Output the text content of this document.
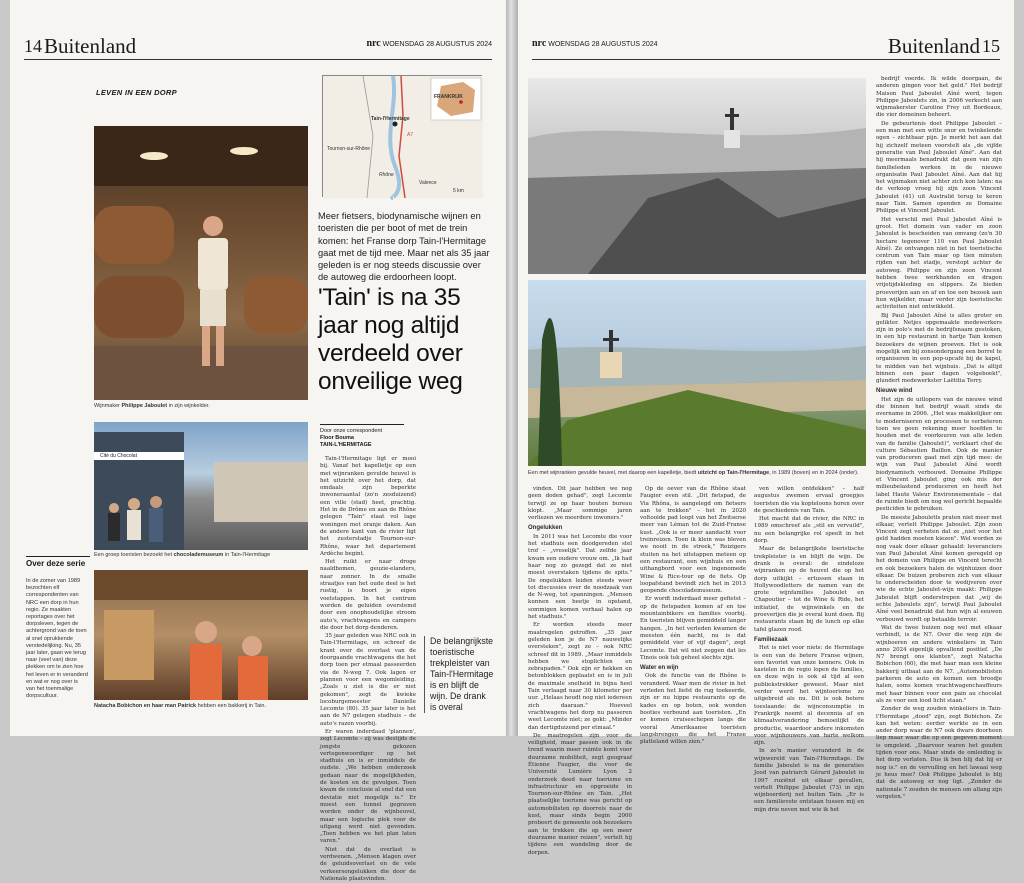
14 Buitenland	nrc WOENSDAG 28 AUGUSTUS 2024
LEVEN IN EEN DORP
Wijnmaker Philippe Jaboulet in zijn wijnkelder.
FRANKRIJK
Tain-l'Hermitage
Rhône
Tournon-sur-Rhône
Valence
A7
5 km
Meer fietsers, biodynamische wijnen en toeristen die per boot of met de trein komen: het Franse dorp Tain-l'Hermitage gaat met de tijd mee. Maar net als 35 jaar geleden is er nog steeds discussie over de autoweg die erdoorheen loopt.
'Tain' is na 35 jaar nog altijd verdeeld over onveilige weg
Cité du Chocolat
Een groep toeristen bezoekt het chocolademuseum in Tain-l'Hermitage
Natacha Bobichon en haar man Patrick hebben een bakkerij in Tain.
Over deze serie
In de zomer van 1989 bezochten elf correspondenten van NRC een dorp in hun regio. Ze maakten reportages over het dorpsleven, tegen de achtergrond van de toen al snel oprukkende verstedelijking. Nu, 35 jaar later, gaan we terug naar (veel van) deze plekken om te zien hoe het leven er in veranderd en wat er nog over is van het toenmalige dorpscultuur.
Door onze correspondent
Floor Bouma
TAIN-L'HERMITAGE

Tain-l'Hermitage ligt er mooi bij. Vanaf het kapelletje op een met wijnranken gevulde heuvel is het uitzicht over het dorp, dat omdaals zijn beperkte inwoneraantal (zo'n zesduizend) een ville (stad) heet, prachtig. Het in de Drôme en aan de Rhône gelegen "Tain" staat vol lage woningen met oranje daken. Aan de andere kant van de rivier ligt het zusterstadje Tournon-sur-Rhône, waar het departement Ardèche begint.

Het ruikt er naar droge naaldbomen, geuzie-elanders, naar zonner. In de smalle straatjes van het oude deel is het rustig, is boort je eigen voetstappen. In het centrum worden de geluiden overstemd door een onophoudelijke stroom auto's, vrachtwagens en campers die door het dorp denderen.

35 jaar geleden was NRC ook in Tain-l'Hermitage, en schreef de krant over de overlast van de doorgaande vrachtwagens die het dorp toen per etmaal passeerden via de N-weg 7. Ook lagen er plannen voor een wegomleiding. „Zoals u ziet is die er niet gekomen", zegt de kwieke locoburgemeester Danielle Lecomte (80). 35 jaar later is het aan de N7 gelegen stadhuis – de auto's razen voorbij.

Er waren inderdaad 'plannen', zegt Lecomte – zij was destijds de jongste gekozen vertegenwoordiger op het stadhuis en is er inmiddels de oudste. „We hebben onderzoek gedaan naar de mogelijkheden, de kosten en de gevolgen. Toen kwam de conclusie al snel dat een deviatie niet mogelijk is." Er moest een tunnel gegraven worden onder de wijnheuvel, maar een logische plek voor de uitgang werd niet gevonden. „Toen hebben we het plan laten varen."

Niet dat de overlast is verdwenen. „Mensen klagen over de geluidsoverlast en de vele verkeersongelukken die door de Nationale plaatsvinden.

De belangrijkste toeristische trekpleister van Tain-l'Hermitage is en blijft de wijn. De drank is overal
nrc WOENSDAG 28 AUGUSTUS 2024	Buitenland 15
Een met wijnranken gevulde heuvel, met daarop een kapelletje, biedt uitzicht op Tain-l'Hermitage, in 1989 (boven) en in 2024 (onder).

vinden. Dit jaar hebben we nog geen doden gehad", zegt Lecomte terwijl ze op haar houten bureau klopt. „Maar sommige jaren verliezen we meerdere inwoners."

Ongelukken

In 2011 was het Lecomte die voor het stadhuis een doodgereden stel trof – „vreselijk". Dat zelfde jaar kwam een oudere vrouw om. „Ik had haar nog zo gezegd dat ze niet moest overstaken tijdens de spits." De ongelukken leiden steeds weer tot discussies over de noodzaak van de N-weg, tot spanningen. „Mensen kunnen een beetje in opstand, sommigen komen verhaal halen op het stadhuis."

Er worden steeds meer maatregelen getroffen. „35 jaar geleden kon je de N7 nauwelijks oversteken", zegt ze – ook NRC schreef dit in 1989. „Maar inmiddels hebben we stoplichten en zebrapaden." Ook zijn er hekken en betonblokken geplaatst en is in juli de maximale snelheid in bijna heel Tain verlaagd naar 30 kilometer per uur. „Helaas houdt nog niet iedereen zich daaraan." Hoeveel vrachtwagens het dorp nu passeren weet Lecomte niet; ze gokt: „Minder dan dertigduizend per etmaal."

De maatregelen zijn voor de veiligheid, maar passen ook in de trend waarin meer ruimte komt voor duurzame mobiliteit, zegt geograaf Étienne Faugier, die voor de Université Lumière Lyon 2 onderzoek deed naar toerisme en infrastructuur en opgroeide in Tournon-sur-Rhône en Tain. „Het plaatselijke toerisme was gericht op automobilisten op doorreis naar de kust, maar sinds begin 2000 probeert de gemeente ook bezoekers aan te trekken die op een meer duurzame manier reizen", vertelt hij tijdens een wandeling door de dorpen.

Op de oever van de Rhône staat Faugier even stil. „Dit fietspad, de Via Rhôna, is aangelegd om fietsers aan te trekken" – het in 2020 voltooide pad loopt van het Zwitserse meer van Léman tot de Zuid-Franse kust. „Ook is er meer aandacht voor treinreizen. Toen ik klein was bleven we nooit in de streek," Reizigers stuiten na het uitstappen meteen op een restaurant, een wijnhuis en een uithangbord voor een ingenomede Wine & Rice-tour op de fiets. Op loopafstand bevindt zich het in 2013 geopende chocolademuseum.

Er wordt inderdaad meer gefietst – op de fietspaden komen af en toe mountainbikers en families voorbij. En toeristen blijven gemiddeld langer hangen. „In het verleden kwamen de meesten één nacht, nu is dat gemiddeld vier of vijf dagen", zegt Lecomte. Dat wil niet zeggen dat les Tinois ook tuk geheel slechts zijn.

Water en wijn

Ook de functie van de Rhône is veranderd. Waar men de rivier in het verleden het liefst de rug toekeerde, zijn er nu hippe restaurants op de kades en op boten, ook wonden booties verbound aan toeristen. „En er komen cruiseschepen langs die vooral Amerikaanse toeristen langsbrengen die het Franse platteland willen zien."

ven willen ontdekken" – half augustus zwemen ervaal groepjes toeristen die via kopteloons horen over de geschiedenis van Tain.

Het macht dat de rivier, die NRC in 1989 omschreef als „stil en vervuild", nu een belangrijke rol speelt in het dorp.

Maar de belangrijkste toeristische trekpleister is en blijft de wijn. De drank is overal: de eindeloze wijnranken op de heuvel die op het dorp uitkijkt – ertussen staan in Hollywoodletters de namen van de grote wijnfamilies Jaboulet en Chapoutier – tot de Wine & Ride, het initiatief, de wijnwinkels en de proeverijen die je overal kunt doen. Bij restaurants staan bij de lunch op elke tafel glazen rood.

Familiezaak

Het is niet voor niets: de Hermitage is een van de betere Franse wijnen, een favoriet van onze kenners. Ook in kastelen in de regio lopen de families, en deze wijn is ook al tijd al een publiekstrekker geweest. Maar niet verder werd het wijntoerisme zo uitgebreid als nu. Dit is ook betere toeslaande: de wijnconsumptie in Frankrijk neemt al decennia af en klimaatverandering bemoeilijkt de productie, waardoor andere inkomsten voor wijnhouwers van harte welkom zijn.

In zo'n manier veranderd in de wijnwereld van Tain-l'Hermitage. De familie Jaboulet is na de generaties Jood van patriarch Gérard Jaboulet in 1997 ruziënd uit elkaar gevallen, vertelt Philippe Jaboulet (73) in zijn wijnboerderij net buiten Tain. „Er is een familievete ontstaan tussen mij en mijn drie neven met wie ik het

bedrijf voerde. Ik wilde doorgaan, de anderen gingen voor het geld." Het bedrijf Maison Paul Jaboulet Aîné werd, tegen Philippe Jaboulets zin, in 2006 verkocht aan wijnmakerster Caroline Frey uit Bordeaux, die vier domeinen beheert.

De gebeurtenis doet Philippe Jaboulet – een man met een witte snor en twinkelende ogen – zichtbaar pijn. Je merkt het aan dat hij zichzelf meteen voorstelt als „de vijfde generatie van Paul Jaboulet Aîné". Aan dat hij meermaals benadrukt dat geen van zijn familieleden werken in de nieuwe organisatie Paul Jaboulet Aîné. Aan dat hij het wijnmaken niet achter zich kon laten: na de verkoop vroeg hij zijn zoon Vincent Jaboulet (41) uit Australië terug te keren naar Tain. Samen openden ze Domaine Philippe et Vincent Jaboulet.

Het verschil met Paul Jaboulet Aîné is groot. Het domein van vader en zoon Jaboulet is bescheiden van omvang (zo'n 30 hectare tegenover 110 van Paul Jaboulet Aîné). Ze ontvangen niet in het toeristische centrum van Tain maar op tien minuten rijden van het stadje, verstopt achter de autoweg. Philippe en zijn zoon Vincent hebben twee werkhanden en dragen vrijetijdskleding en slippers. Ze bieden proeverijen aan en af en toe een bezoek aan hun wijkelder, maar verder zijn toeristische activiteiten niet ontwikkeld.

Bij Paul Jaboulet Aîné is alles groter en gelikter. Netjes opgemaakte medewerkers zijn in polo's met de bedrijfsnaam gestoken, in een hip restaurant in hartje Tain komen bezoekers de wijnen proeven. Het is ook mogelijk om bij zonsondergang een borrel te organiseren in een pop-upcafé bij de kapel, te midden van het wijnhuis. „Dat is altijd binnen een paar dagen volgeboekt", glundert medewerkster Laëtitia Terry.

Nieuwe wind

Het zijn de uitlopers van de nieuwe wind die binnen het bedrijf waait sinds de overname in 2006. „Het was makkelijker om te moderniseren en processen te verbeteren toen we geen rekening meer hoefden te houden met de voorkeuren van alle leden van de familie (Jaboulet)", verklaart chef de culture Sébastien Baillon. Ook de manier van produceren gaat met zijn tijd mee: de wijn van Paul Jaboulet Aîné wordt biodynamisch verbouwd. Domaine Philippe et Vincent Jaboulet ging ook mis der milieubelastend produceren en heeft het label Haute Valeur Environnementale – dat de ruimte biedt om nog wel gericht bepaalde pesticiden te gebruiken.

De meeste Jabouletts praten niet meer met elkaar, vertelt Philippe Jaboulet. Zijn zoon Vincent zegt verheten dat ze „niet voor het geld hadden moeten kiezen". Wel worden ze nog vaak door elkaar gehaald: leveranciers van Paul Jaboulet Aîné komen geregeld op het domein van Philippe en Vincent terecht en ook bezoekers halen de wijnhuizen door elkaar. De buizen proberen zich van elkaar te onderscheiden door te wedijveren over wie de echte Jaboulet-wijn maakt: Philippe Jaboulet blijft onderstrepen dat „wij de echte Jaboulets zijn", terwijl Paul Jaboulet Aîné veel benadrukt dat hun wijn al eeuwen verbouwd wordt op betaalde terroir.

Wat de twee huizen nog wel met elkaar verbindt, is de N7. Over die weg zijn de wijnboeren en andere winkeliers in Tain anno 2024 eigenlijk opvallend positief. „De N7 brengt ons klanten", zegt Natacha Bobichon (60), die met haar man een kleine bakkerij uitbaat aan de N7. „Automobilisten parkeren de auto en komen een broodje halen, soms komen vrachtwagenchauffeurs met haar binnen voor een pain au chocolat als ze voor een lood licht staan."

Zonder de weg zouden winkeliers in Tain-l'Hermitage „dood" zijn, zegt Bobichon. Ze kan het weten: eerder werkte ze in een ander dorp waar de N7 ook dwars doorheen liep maar waar die op een gegeven moment is omgeleid. „Daarvoor waren het gouden tijden voor ons. Maar sinds de omleiding is het dorp verlaten. Dus ik ben blij dat hij er nog is." en de vervuiling en het lawaai weg je heus mee? Ook Philippe Jaboulet is blij dat de autoweg er nog ligt. „Zonder de nationale 7 zouden de mensen om allang zijn vergeten."
